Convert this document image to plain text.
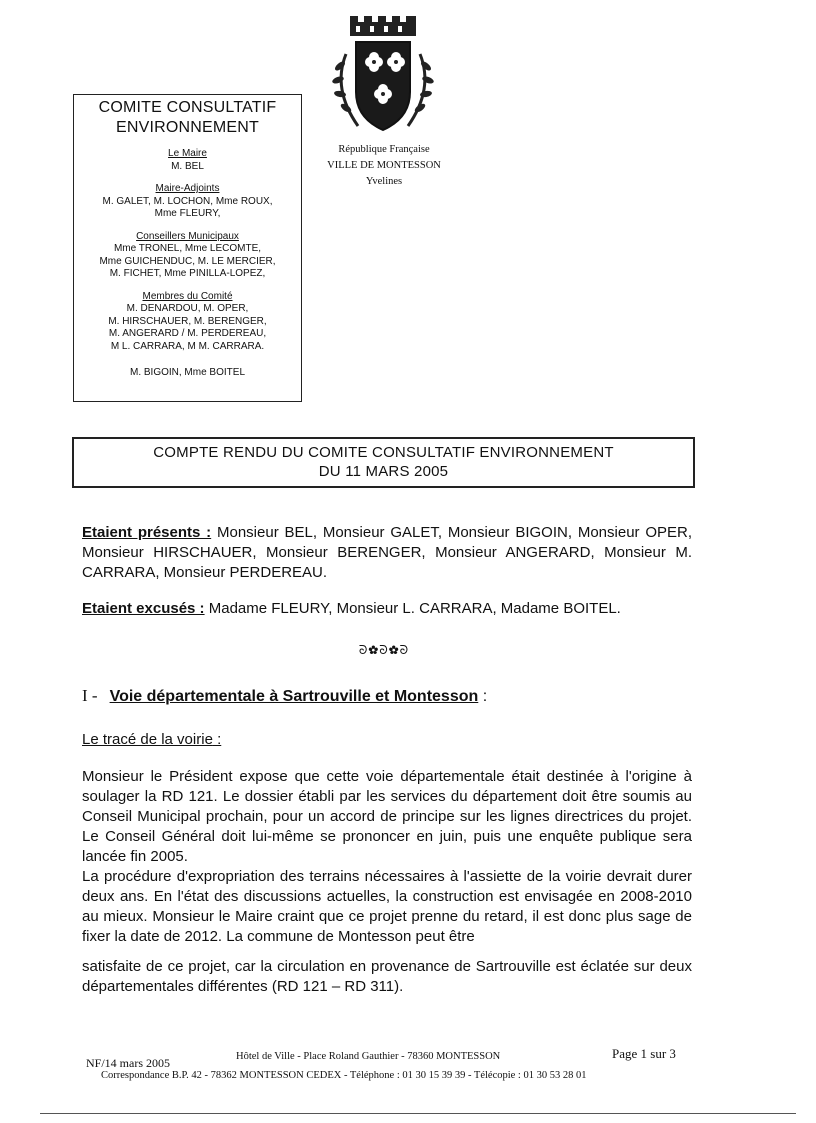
COMITE CONSULTATIF
ENVIRONNEMENT
Le Maire
M. BEL
Maire-Adjoints
M. GALET, M. LOCHON, Mme ROUX,
Mme FLEURY,
Conseillers Municipaux
Mme TRONEL, Mme LECOMTE,
Mme GUICHENDUC, M. LE MERCIER,
M. FICHET, Mme PINILLA-LOPEZ,
Membres du Comité
M. DENARDOU, M. OPER,
M. HIRSCHAUER, M. BERENGER,
M. ANGERARD / M. PERDEREAU,
M L. CARRARA, M M. CARRARA.
M. BIGOIN, Mme BOITEL
République Française
VILLE DE MONTESSON
Yvelines
COMPTE RENDU DU COMITE CONSULTATIF ENVIRONNEMENT
DU 11 MARS 2005
Etaient présents : Monsieur BEL, Monsieur GALET, Monsieur BIGOIN, Monsieur OPER, Monsieur HIRSCHAUER, Monsieur BERENGER, Monsieur ANGERARD, Monsieur M. CARRARA, Monsieur PERDEREAU.
Etaient excusés : Madame FLEURY, Monsieur L. CARRARA, Madame BOITEL.
ᘐ✿ᘐ✿ᘐ
I - Voie départementale à Sartrouville et Montesson :
Le tracé de la voirie :
Monsieur le Président expose que cette voie départementale était destinée à l'origine à soulager la RD 121. Le dossier établi par les services du département doit être soumis au Conseil Municipal prochain, pour un accord de principe sur les lignes directrices du projet. Le Conseil Général doit lui-même se prononcer en juin, puis une enquête publique sera lancée fin 2005.
La procédure d'expropriation des terrains nécessaires à l'assiette de la voirie devrait durer deux ans. En l'état des discussions actuelles, la construction est envisagée en 2008-2010 au mieux. Monsieur le Maire craint que ce projet prenne du retard, il est donc plus sage de fixer la date de 2012. La commune de Montesson peut être
satisfaite de ce projet, car la circulation en provenance de Sartrouville est éclatée sur deux départementales différentes (RD 121 – RD 311).
NF/14 mars 2005	Hôtel de Ville - Place Roland Gauthier - 78360 MONTESSON	Page 1 sur 3
Correspondance B.P. 42 - 78362 MONTESSON CEDEX - Téléphone : 01 30 15 39 39 - Télécopie : 01 30 53 28 01
